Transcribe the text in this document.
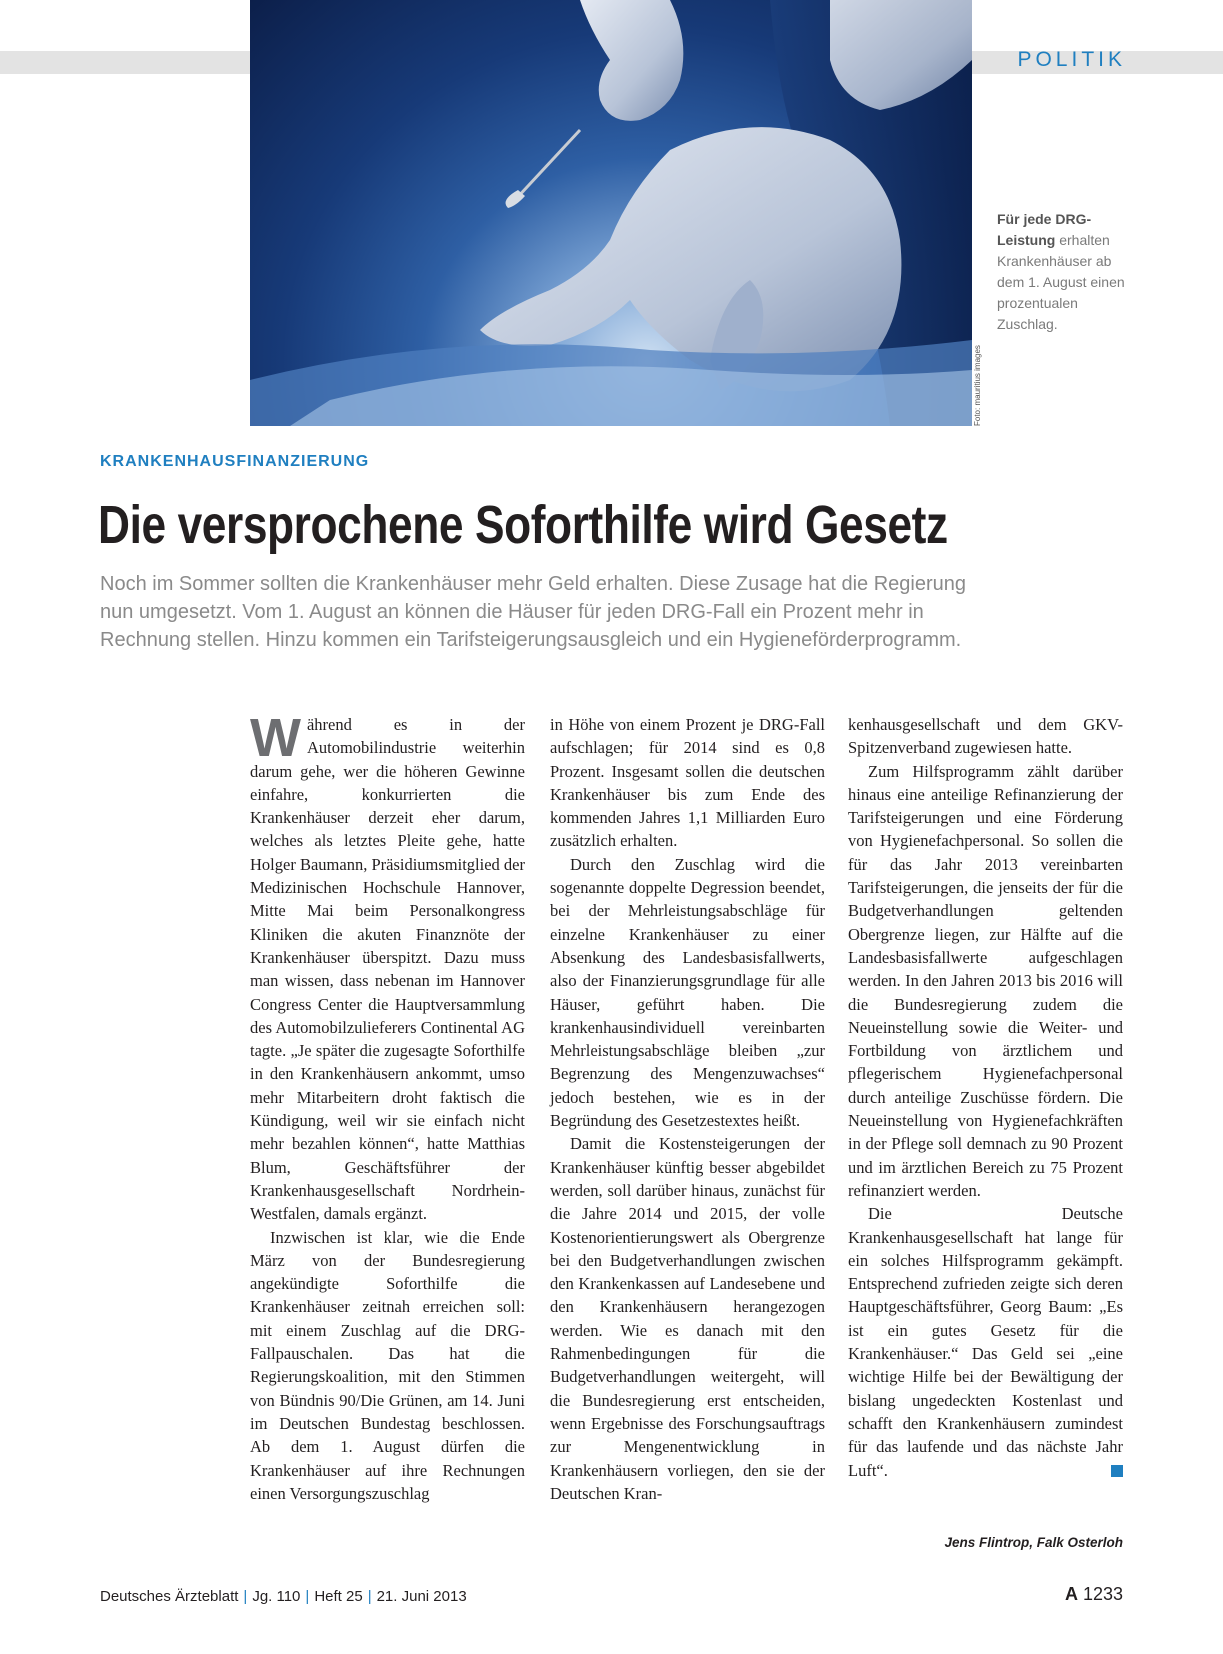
POLITIK
Foto: mauritius images
Für jede DRG-Leistung erhalten Krankenhäuser ab dem 1. August einen prozentualen Zuschlag.
KRANKENHAUSFINANZIERUNG
Die versprochene Soforthilfe wird Gesetz
Noch im Sommer sollten die Krankenhäuser mehr Geld erhalten. Diese Zusage hat die Regierung
nun umgesetzt. Vom 1. August an können die Häuser für jeden DRG-Fall ein Prozent mehr in
Rechnung stellen. Hinzu kommen ein Tarifsteigerungsausgleich und ein Hygieneförderprogramm.

Während es in der Automobilindustrie weiterhin darum gehe, wer die höheren Gewinne einfahre, konkurrierten die Krankenhäuser derzeit eher darum, welches als letztes Pleite gehe, hatte Holger Baumann, Präsidiumsmitglied der Medizinischen Hochschule Hannover, Mitte Mai beim Personalkongress Kliniken die akuten Finanznöte der Krankenhäuser überspitzt. Dazu muss man wissen, dass nebenan im Hannover Congress Center die Hauptversammlung des Automobilzulieferers Continental AG tagte. „Je später die zugesagte Soforthilfe in den Krankenhäusern ankommt, umso mehr Mitarbeitern droht faktisch die Kündigung, weil wir sie einfach nicht mehr bezahlen können“, hatte Matthias Blum, Geschäftsführer der Krankenhausgesellschaft Nordrhein-Westfalen, damals ergänzt.

Inzwischen ist klar, wie die Ende März von der Bundesregierung angekündigte Soforthilfe die Krankenhäuser zeitnah erreichen soll: mit einem Zuschlag auf die DRG-Fallpauschalen. Das hat die Regierungskoalition, mit den Stimmen von Bündnis 90/Die Grünen, am 14. Juni im Deutschen Bundestag beschlossen. Ab dem 1. August dürfen die Krankenhäuser auf ihre Rechnungen einen Versorgungszuschlag

in Höhe von einem Prozent je DRG-Fall aufschlagen; für 2014 sind es 0,8 Prozent. Insgesamt sollen die deutschen Krankenhäuser bis zum Ende des kommenden Jahres 1,1 Milliarden Euro zusätzlich erhalten.

Durch den Zuschlag wird die sogenannte doppelte Degression beendet, bei der Mehrleistungsabschläge für einzelne Krankenhäuser zu einer Absenkung des Landesbasisfallwerts, also der Finanzierungsgrundlage für alle Häuser, geführt haben. Die krankenhausindividuell vereinbarten Mehrleistungsabschläge bleiben „zur Begrenzung des Mengenzuwachses“ jedoch bestehen, wie es in der Begründung des Gesetzestextes heißt.

Damit die Kostensteigerungen der Krankenhäuser künftig besser abgebildet werden, soll darüber hinaus, zunächst für die Jahre 2014 und 2015, der volle Kostenorientierungswert als Obergrenze bei den Budgetverhandlungen zwischen den Krankenkassen auf Landesebene und den Krankenhäusern herangezogen werden. Wie es danach mit den Rahmenbedingungen für die Budgetverhandlungen weitergeht, will die Bundesregierung erst entscheiden, wenn Ergebnisse des Forschungsauftrags zur Mengenentwicklung in Krankenhäusern vorliegen, den sie der Deutschen Kran-

kenhausgesellschaft und dem GKV-Spitzenverband zugewiesen hatte.

Zum Hilfsprogramm zählt darüber hinaus eine anteilige Refinanzierung der Tarifsteigerungen und eine Förderung von Hygienefachpersonal. So sollen die für das Jahr 2013 vereinbarten Tarifsteigerungen, die jenseits der für die Budgetverhandlungen geltenden Obergrenze liegen, zur Hälfte auf die Landesbasisfallwerte aufgeschlagen werden. In den Jahren 2013 bis 2016 will die Bundesregierung zudem die Neueinstellung sowie die Weiter- und Fortbildung von ärztlichem und pflegerischem Hygienefachpersonal durch anteilige Zuschüsse fördern. Die Neueinstellung von Hygienefachkräften in der Pflege soll demnach zu 90 Prozent und im ärztlichen Bereich zu 75 Prozent refinanziert werden.

Die Deutsche Krankenhausgesellschaft hat lange für ein solches Hilfsprogramm gekämpft. Entsprechend zufrieden zeigte sich deren Hauptgeschäftsführer, Georg Baum: „Es ist ein gutes Gesetz für die Krankenhäuser.“ Das Geld sei „eine wichtige Hilfe bei der Bewältigung der bislang ungedeckten Kostenlast und schafft den Krankenhäusern zumindest für das laufende und das nächste Jahr Luft“.

Jens Flintrop, Falk Osterloh
Deutsches Ärzteblatt | Jg. 110 | Heft 25 | 21. Juni 2013	A 1233
